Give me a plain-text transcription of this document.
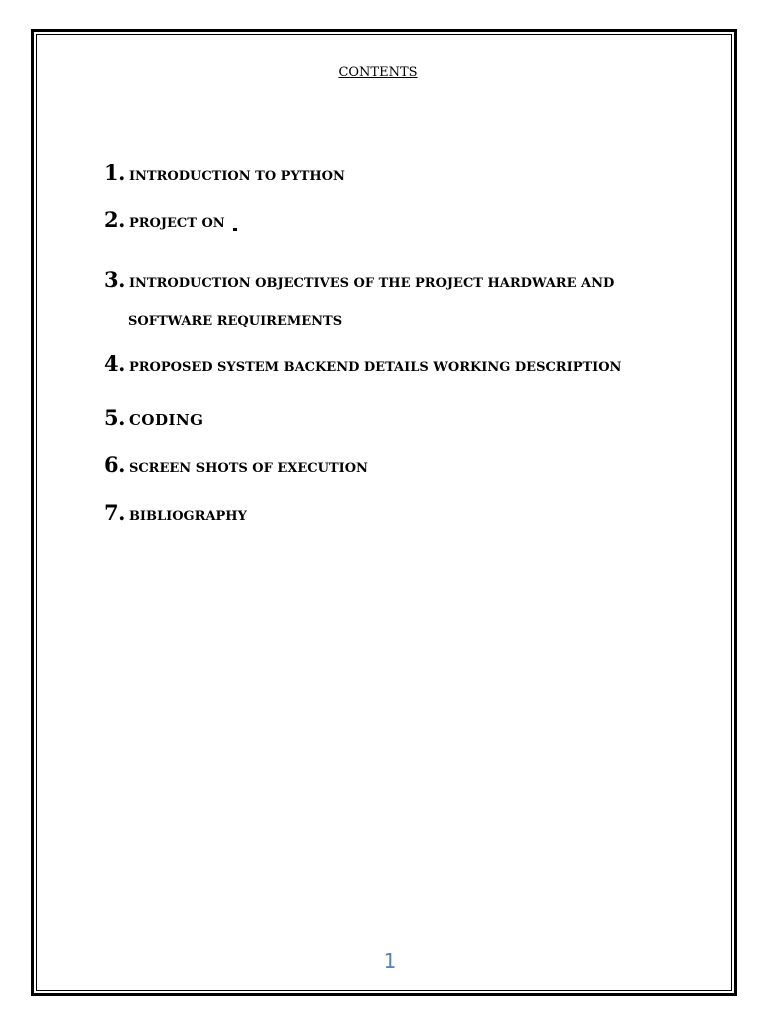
CONTENTS
1. INTRODUCTION TO PYTHON
2. PROJECT ON
3. INTRODUCTION OBJECTIVES OF THE PROJECT HARDWARE AND
SOFTWARE REQUIREMENTS
4. PROPOSED SYSTEM BACKEND DETAILS WORKING DESCRIPTION
5. CODING
6. SCREEN SHOTS OF EXECUTION
7. BIBLIOGRAPHY
1
